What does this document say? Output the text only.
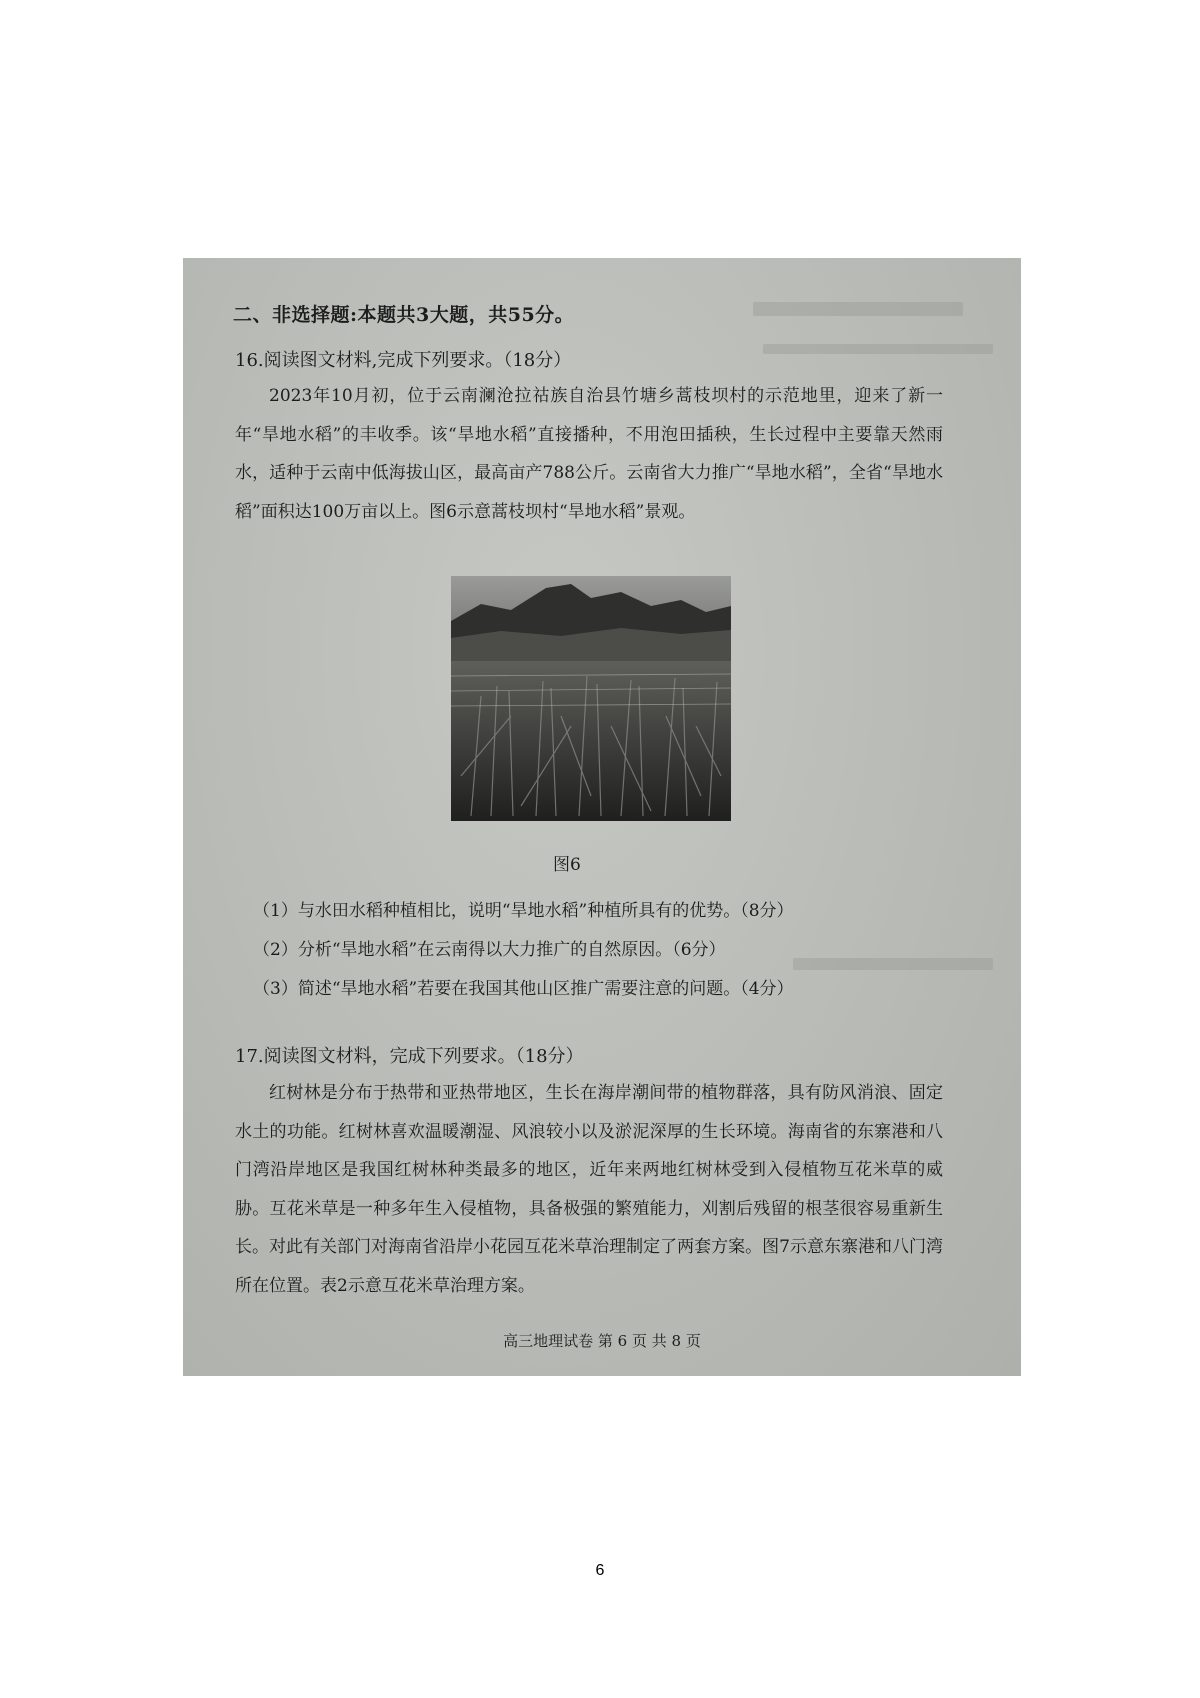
二、非选择题:本题共3大题，共55分。
16.阅读图文材料,完成下列要求。（18分）
2023年10月初，位于云南澜沧拉祜族自治县竹塘乡蒿枝坝村的示范地里，迎来了新一年“旱地水稻”的丰收季。该“旱地水稻”直接播种，不用泡田插秧，生长过程中主要靠天然雨水，适种于云南中低海拔山区，最高亩产788公斤。云南省大力推广“旱地水稻”，全省“旱地水稻”面积达100万亩以上。图6示意蒿枝坝村“旱地水稻”景观。
图6
（1）与水田水稻种植相比，说明“旱地水稻”种植所具有的优势。（8分）
（2）分析“旱地水稻”在云南得以大力推广的自然原因。（6分）
（3）简述“旱地水稻”若要在我国其他山区推广需要注意的问题。（4分）
17.阅读图文材料，完成下列要求。（18分）
红树林是分布于热带和亚热带地区，生长在海岸潮间带的植物群落，具有防风消浪、固定水土的功能。红树林喜欢温暖潮湿、风浪较小以及淤泥深厚的生长环境。海南省的东寨港和八门湾沿岸地区是我国红树林种类最多的地区，近年来两地红树林受到入侵植物互花米草的威胁。互花米草是一种多年生入侵植物，具备极强的繁殖能力，刈割后残留的根茎很容易重新生长。对此有关部门对海南省沿岸小花园互花米草治理制定了两套方案。图7示意东寨港和八门湾所在位置。表2示意互花米草治理方案。
高三地理试卷 第 6 页 共 8 页
6
